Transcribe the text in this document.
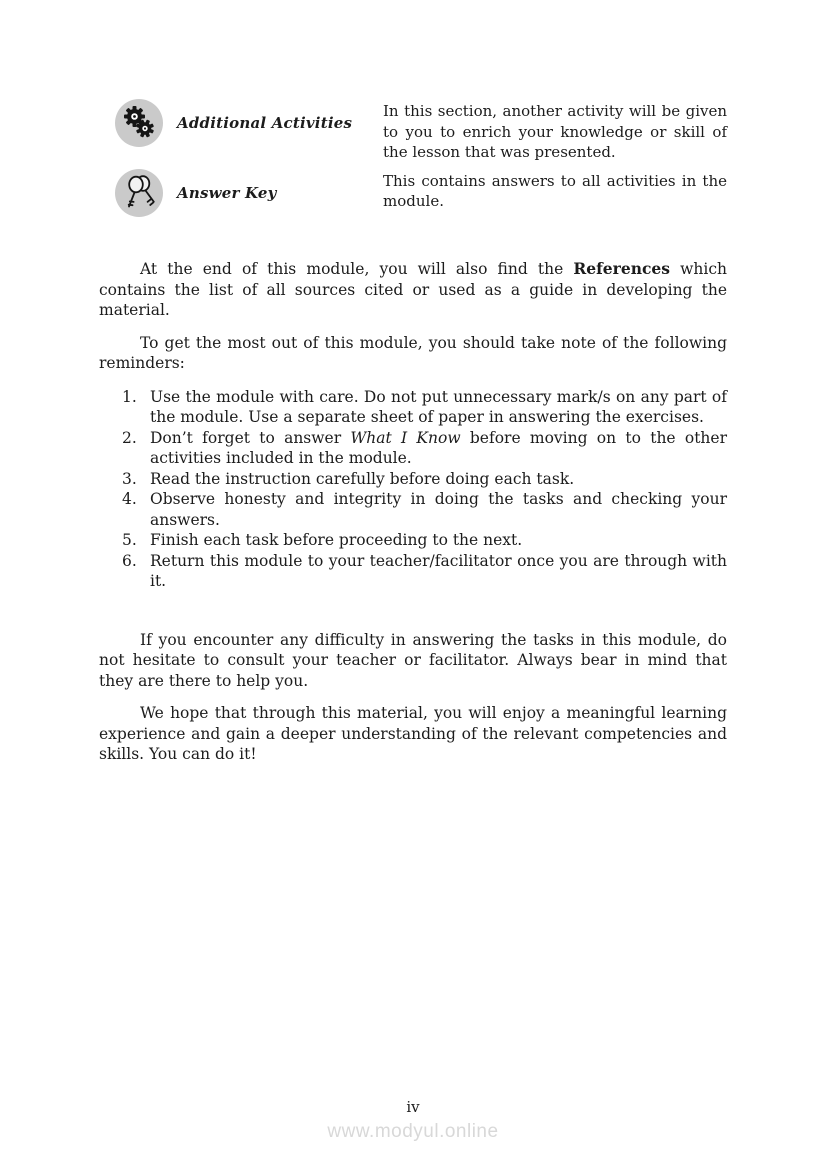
Additional Activities
In this section, another activity will be given to you to enrich your knowledge or skill of the lesson that was presented.
Answer Key
This contains answers to all activities in the module.

At the end of this module, you will also find the References which contains the list of all sources cited or used as a guide in developing the material.

To get the most out of this module, you should take note of the following reminders:

Use the module with care. Do not put unnecessary mark/s on any part of the module. Use a separate sheet of paper in answering the exercises.
Don’t forget to answer What I Know before moving on to the other activities included in the module.
Read the instruction carefully before doing each task.
Observe honesty and integrity in doing the tasks and checking your answers.
Finish each task before proceeding to the next.
Return this module to your teacher/facilitator once you are through with it.

If you encounter any difficulty in answering the tasks in this module, do not hesitate to consult your teacher or facilitator. Always bear in mind that they are there to help you.

We hope that through this material, you will enjoy a meaningful learning experience and gain a deeper understanding of the relevant competencies and skills. You can do it!

iv
www.modyul.online
